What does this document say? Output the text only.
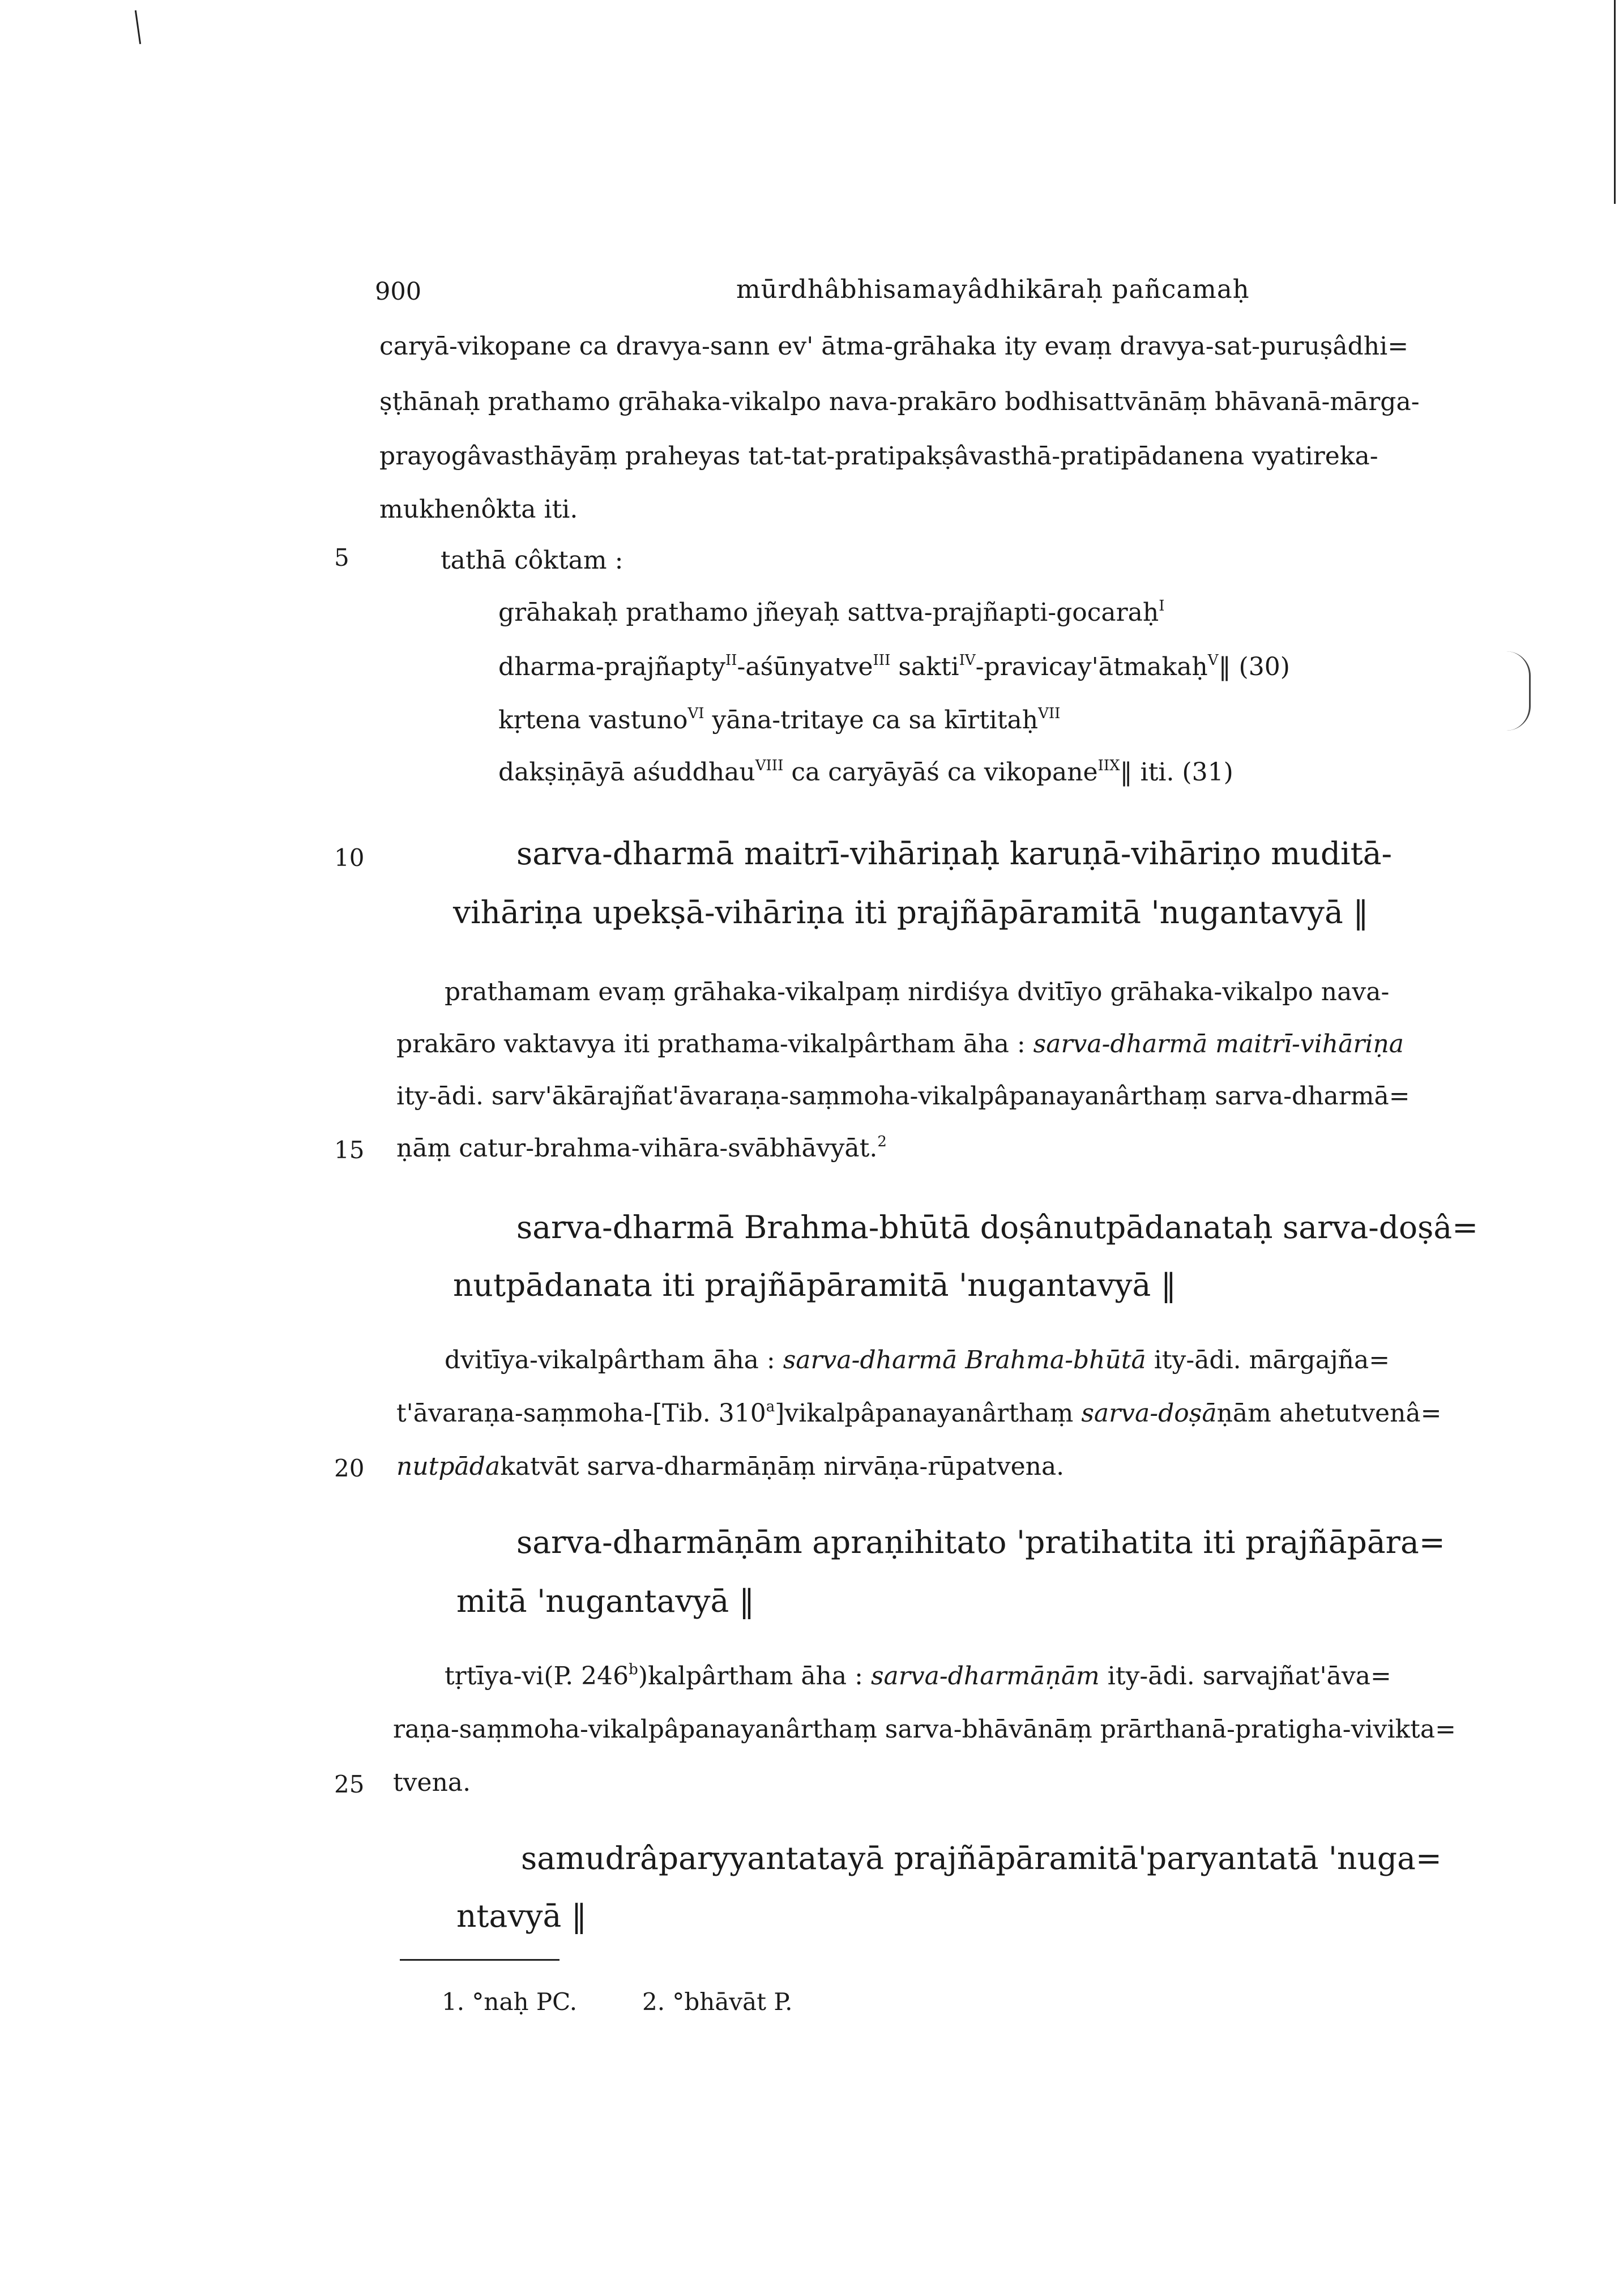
900	mūrdhâbhisamayâdhikāraḥ pañcamaḥ
caryā-vikopane ca dravya-sann ev' ātma-grāhaka ity evaṃ dravya-sat-puruṣâdhi=
ṣṭhānaḥ prathamo grāhaka-vikalpo nava-prakāro bodhisattvānāṃ bhāvanā-mārga-
prayogâvasthāyāṃ praheyas tat-tat-pratipakṣâvasthā-pratipādanena vyatireka-
mukhenôkta iti.
5	tathā côktam :
grāhakaḥ prathamo jñeyaḥ sattva-prajñapti-gocaraḥ$^I$
dharma-prajñapty$^{II}$-aśūnyatve$^{III}$ sakti$^{IV}$-pravicay'ātmakaḥ$^V$‖ (30)
kṛtena vastuno$^{VI}$ yāna-tritaye ca sa kīrtitaḥ$^{VII}$
dakṣiṇāyā aśuddhau$^{VIII}$ ca caryāyāś ca vikopane$^{IIX}$‖ iti. (31)
10	sarva-dharmā maitrī-vihāriṇaḥ karuṇā-vihāriṇo muditā-
vihāriṇa upekṣā-vihāriṇa iti prajñāpāramitā 'nugantavyā ‖
prathamam evaṃ grāhaka-vikalpaṃ nirdiśya dvitīyo grāhaka-vikalpo nava-
prakāro vaktavya iti prathama-vikalpârtham āha : sarva-dharmā maitrī-vihāriṇa
ity-ādi. sarv'ākārajñat'āvaraṇa-saṃmoha-vikalpâpanayanârthaṃ sarva-dharmā=
15 ṇāṃ catur-brahma-vihāra-svābhāvyāt.$^2$
sarva-dharmā Brahma-bhūtā doṣânutpādanataḥ sarva-doṣâ=
nutpādanata iti prajñāpāramitā 'nugantavyā ‖
dvitīya-vikalpârtham āha : sarva-dharmā Brahma-bhūtā ity-ādi. mārgajña=
t'āvaraṇa-saṃmoha-[Tib. 310$^a$]vikalpâpanayanârthaṃ sarva-doṣāṇām ahetutvenâ=
20 nutpādakatvāt sarva-dharmāṇāṃ nirvāṇa-rūpatvena.
sarva-dharmāṇām apraṇihitato 'pratihatita iti prajñāpāra=
mitā 'nugantavyā ‖
tṛtīya-vi(P. 246$^b$)kalpârtham āha : sarva-dharmāṇām ity-ādi. sarvajñat'āva=
raṇa-saṃmoha-vikalpâpanayanârthaṃ sarva-bhāvānāṃ prārthanā-pratigha-vivikta=
25 tvena.
samudrâparyyantatayā prajñāpāramitā'paryantatā 'nuga=
ntavyā ‖
1. °naḥ PC.	2. °bhāvāt P.
